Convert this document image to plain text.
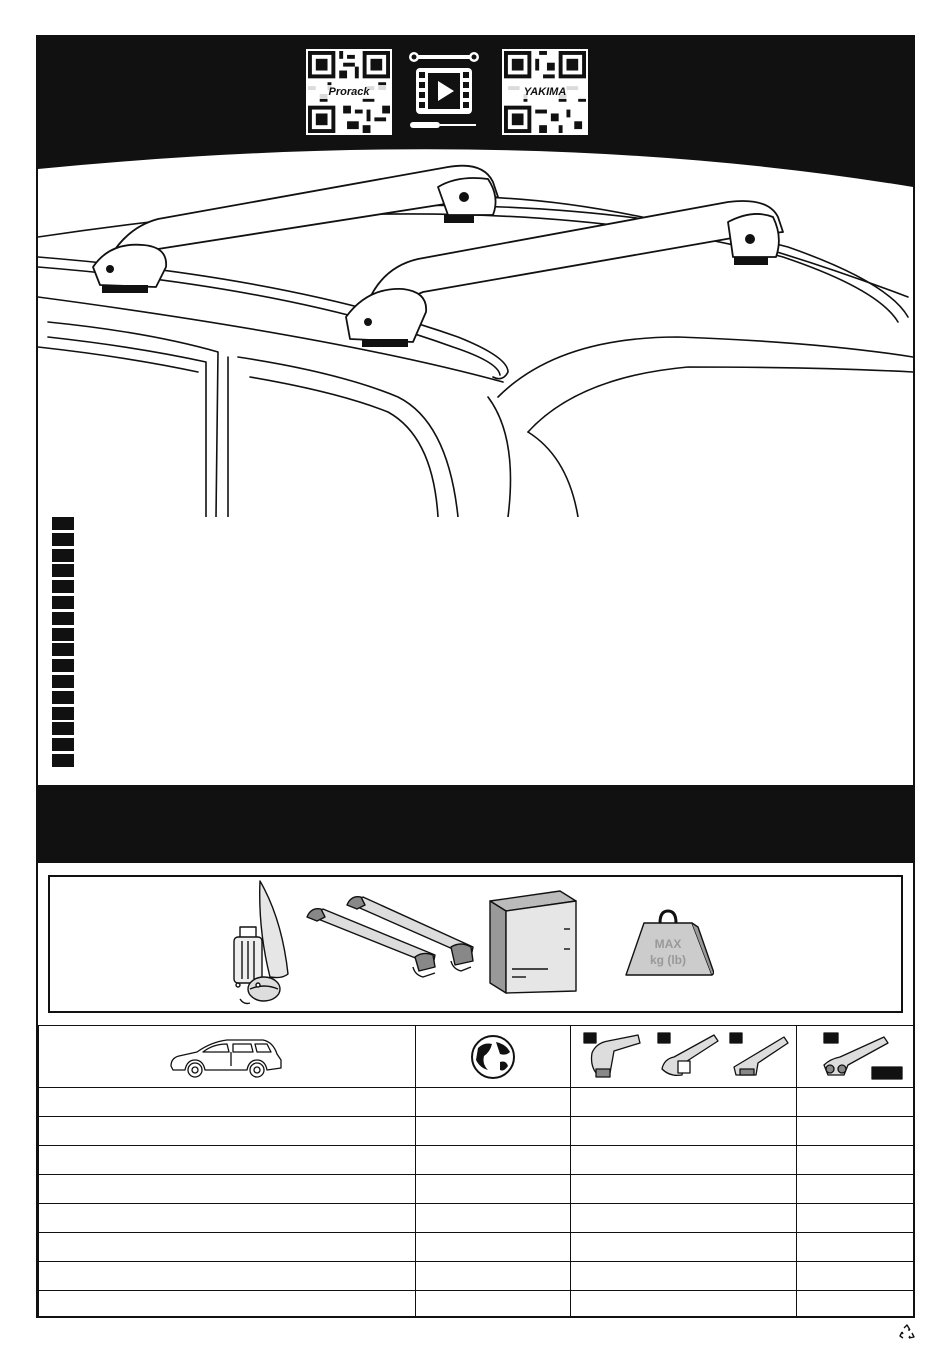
Prorack	YAKIMA
MAX
kg (lb)
